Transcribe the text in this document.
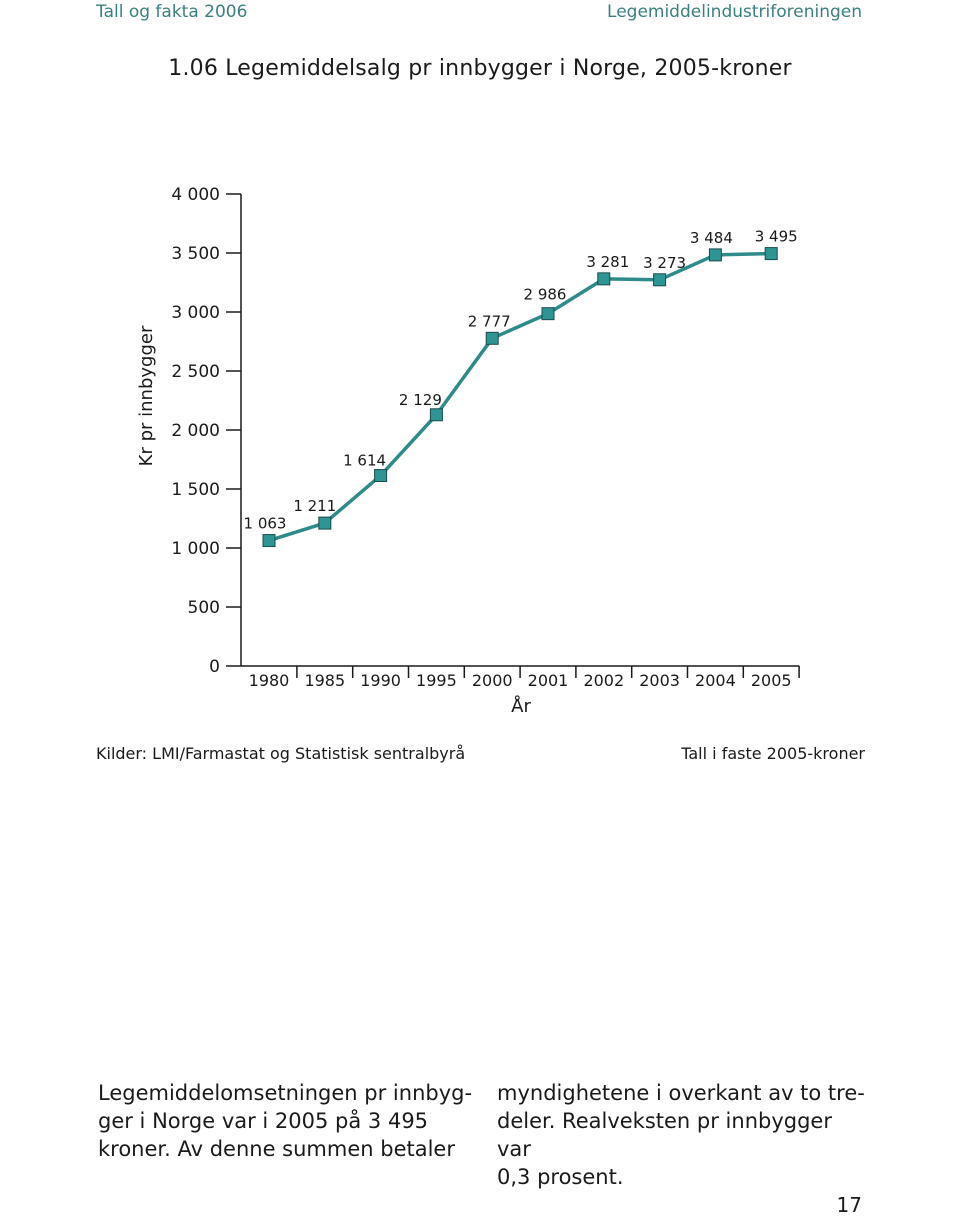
Tall og fakta 2006	Legemiddelindustriforeningen
1.06 Legemiddelsalg pr innbygger i Norge, 2005-kroner
0
500
1 000
1 500
2 000
2 500
3 000
3 500
4 000
1980 1985 1990 1995 2000 2001 2002 2003 2004 2005
1 063
1 211
1 614
2 129
2 777
2 986
3 281 3 273
3 484 3 495
Kr pr innbygger
År
Kilder: LMI/Farmastat og Statistisk sentralbyrå	Tall i faste 2005-kroner
Legemiddelomsetningen pr innbyg-
ger i Norge var i 2005 på 3 495
kroner. Av denne summen betaler
myndighetene i overkant av to tre-
deler. Realveksten pr innbygger var
0,3 prosent.
17
